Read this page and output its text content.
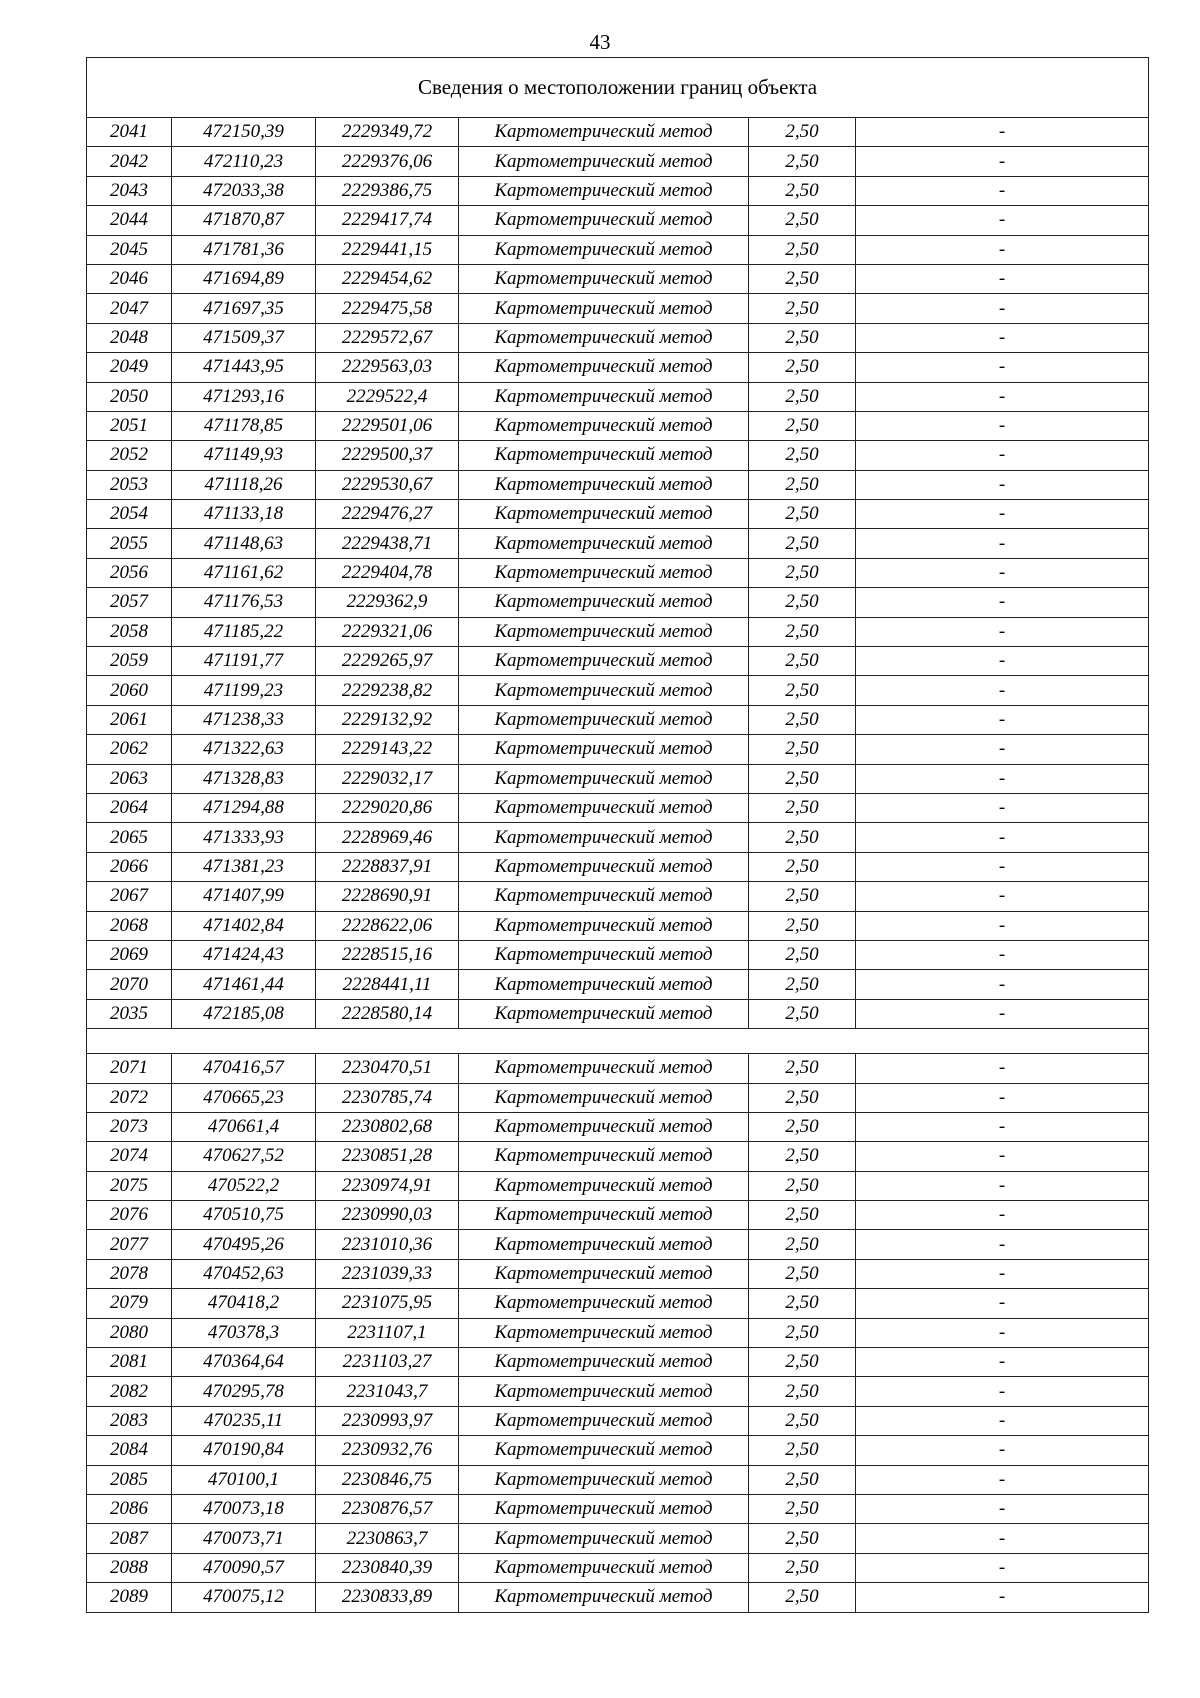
43
Сведения о местоположении границ объекта					
2041	472150,39	2229349,72	Картометрический метод	2,50	-
2042	472110,23	2229376,06	Картометрический метод	2,50	-
2043	472033,38	2229386,75	Картометрический метод	2,50	-
2044	471870,87	2229417,74	Картометрический метод	2,50	-
2045	471781,36	2229441,15	Картометрический метод	2,50	-
2046	471694,89	2229454,62	Картометрический метод	2,50	-
2047	471697,35	2229475,58	Картометрический метод	2,50	-
2048	471509,37	2229572,67	Картометрический метод	2,50	-
2049	471443,95	2229563,03	Картометрический метод	2,50	-
2050	471293,16	2229522,4	Картометрический метод	2,50	-
2051	471178,85	2229501,06	Картометрический метод	2,50	-
2052	471149,93	2229500,37	Картометрический метод	2,50	-
2053	471118,26	2229530,67	Картометрический метод	2,50	-
2054	471133,18	2229476,27	Картометрический метод	2,50	-
2055	471148,63	2229438,71	Картометрический метод	2,50	-
2056	471161,62	2229404,78	Картометрический метод	2,50	-
2057	471176,53	2229362,9	Картометрический метод	2,50	-
2058	471185,22	2229321,06	Картометрический метод	2,50	-
2059	471191,77	2229265,97	Картометрический метод	2,50	-
2060	471199,23	2229238,82	Картометрический метод	2,50	-
2061	471238,33	2229132,92	Картометрический метод	2,50	-
2062	471322,63	2229143,22	Картометрический метод	2,50	-
2063	471328,83	2229032,17	Картометрический метод	2,50	-
2064	471294,88	2229020,86	Картометрический метод	2,50	-
2065	471333,93	2228969,46	Картометрический метод	2,50	-
2066	471381,23	2228837,91	Картометрический метод	2,50	-
2067	471407,99	2228690,91	Картометрический метод	2,50	-
2068	471402,84	2228622,06	Картометрический метод	2,50	-
2069	471424,43	2228515,16	Картометрический метод	2,50	-
2070	471461,44	2228441,11	Картометрический метод	2,50	-
2035	472185,08	2228580,14	Картометрический метод	2,50	-

2071	470416,57	2230470,51	Картометрический метод	2,50	-
2072	470665,23	2230785,74	Картометрический метод	2,50	-
2073	470661,4	2230802,68	Картометрический метод	2,50	-
2074	470627,52	2230851,28	Картометрический метод	2,50	-
2075	470522,2	2230974,91	Картометрический метод	2,50	-
2076	470510,75	2230990,03	Картометрический метод	2,50	-
2077	470495,26	2231010,36	Картометрический метод	2,50	-
2078	470452,63	2231039,33	Картометрический метод	2,50	-
2079	470418,2	2231075,95	Картометрический метод	2,50	-
2080	470378,3	2231107,1	Картометрический метод	2,50	-
2081	470364,64	2231103,27	Картометрический метод	2,50	-
2082	470295,78	2231043,7	Картометрический метод	2,50	-
2083	470235,11	2230993,97	Картометрический метод	2,50	-
2084	470190,84	2230932,76	Картометрический метод	2,50	-
2085	470100,1	2230846,75	Картометрический метод	2,50	-
2086	470073,18	2230876,57	Картометрический метод	2,50	-
2087	470073,71	2230863,7	Картометрический метод	2,50	-
2088	470090,57	2230840,39	Картометрический метод	2,50	-
2089	470075,12	2230833,89	Картометрический метод	2,50	-
